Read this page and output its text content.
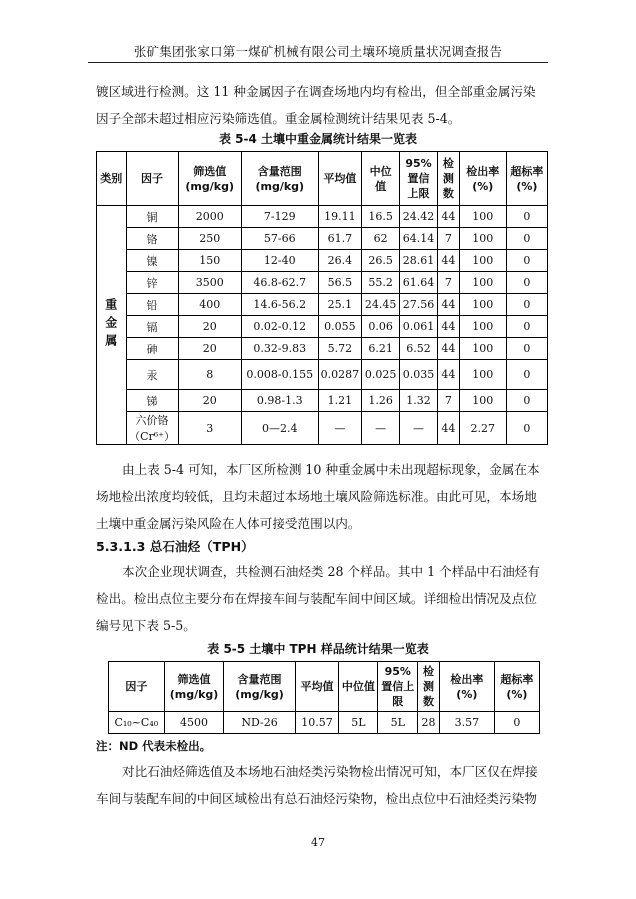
张矿集团张家口第一煤矿机械有限公司土壤环境质量状况调查报告
镀区域进行检测。这 11 种金属因子在调查场地内均有检出，但全部重金属污染因子全部未超过相应污染筛选值。重金属检测统计结果见表 5-4。
表 5-4 土壤中重金属统计结果一览表
类别	因子	筛选值(mg/kg)	含量范围(mg/kg)	平均值	中位值	95%置信上限	检测数	检出率(%)	超标率(%)
重金属	铜	2000	7-129	19.11	16.5	24.42	44	100	0
	铬	250	57-66	61.7	62	64.14	7	100	0
	镍	150	12-40	26.4	26.5	28.61	44	100	0
	锌	3500	46.8-62.7	56.5	55.2	61.64	7	100	0
	铅	400	14.6-56.2	25.1	24.45	27.56	44	100	0
	镉	20	0.02-0.12	0.055	0.06	0.061	44	100	0
	砷	20	0.32-9.83	5.72	6.21	6.52	44	100	0
	汞	8	0.008-0.155	0.0287	0.025	0.035	44	100	0
	锑	20	0.98-1.3	1.21	1.26	1.32	7	100	0
	六价铬（Cr⁶⁺）	3	0—2.4	—	—	—	44	2.27	0
由上表 5-4 可知，本厂区所检测 10 种重金属中未出现超标现象，金属在本场地检出浓度均较低，且均未超过本场地土壤风险筛选标准。由此可见，本场地土壤中重金属污染风险在人体可接受范围以内。
5.3.1.3 总石油烃（TPH）
本次企业现状调查，共检测石油烃类 28 个样品。其中 1 个样品中石油烃有检出。检出点位主要分布在焊接车间与装配车间中间区域。详细检出情况及点位编号见下表 5-5。
表 5-5 土壤中 TPH 样品统计结果一览表
因子	筛选值(mg/kg)	含量范围(mg/kg)	平均值	中位值	95%置信上限	检测数	检出率(%)	超标率(%)
C₁₀~C₄₀	4500	ND-26	10.57	5L	5L	28	3.57	0
注：ND 代表未检出。
对比石油烃筛选值及本场地石油烃类污染物检出情况可知，本厂区仅在焊接车间与装配车间的中间区域检出有总石油烃污染物，检出点位中石油烃类污染物
47
